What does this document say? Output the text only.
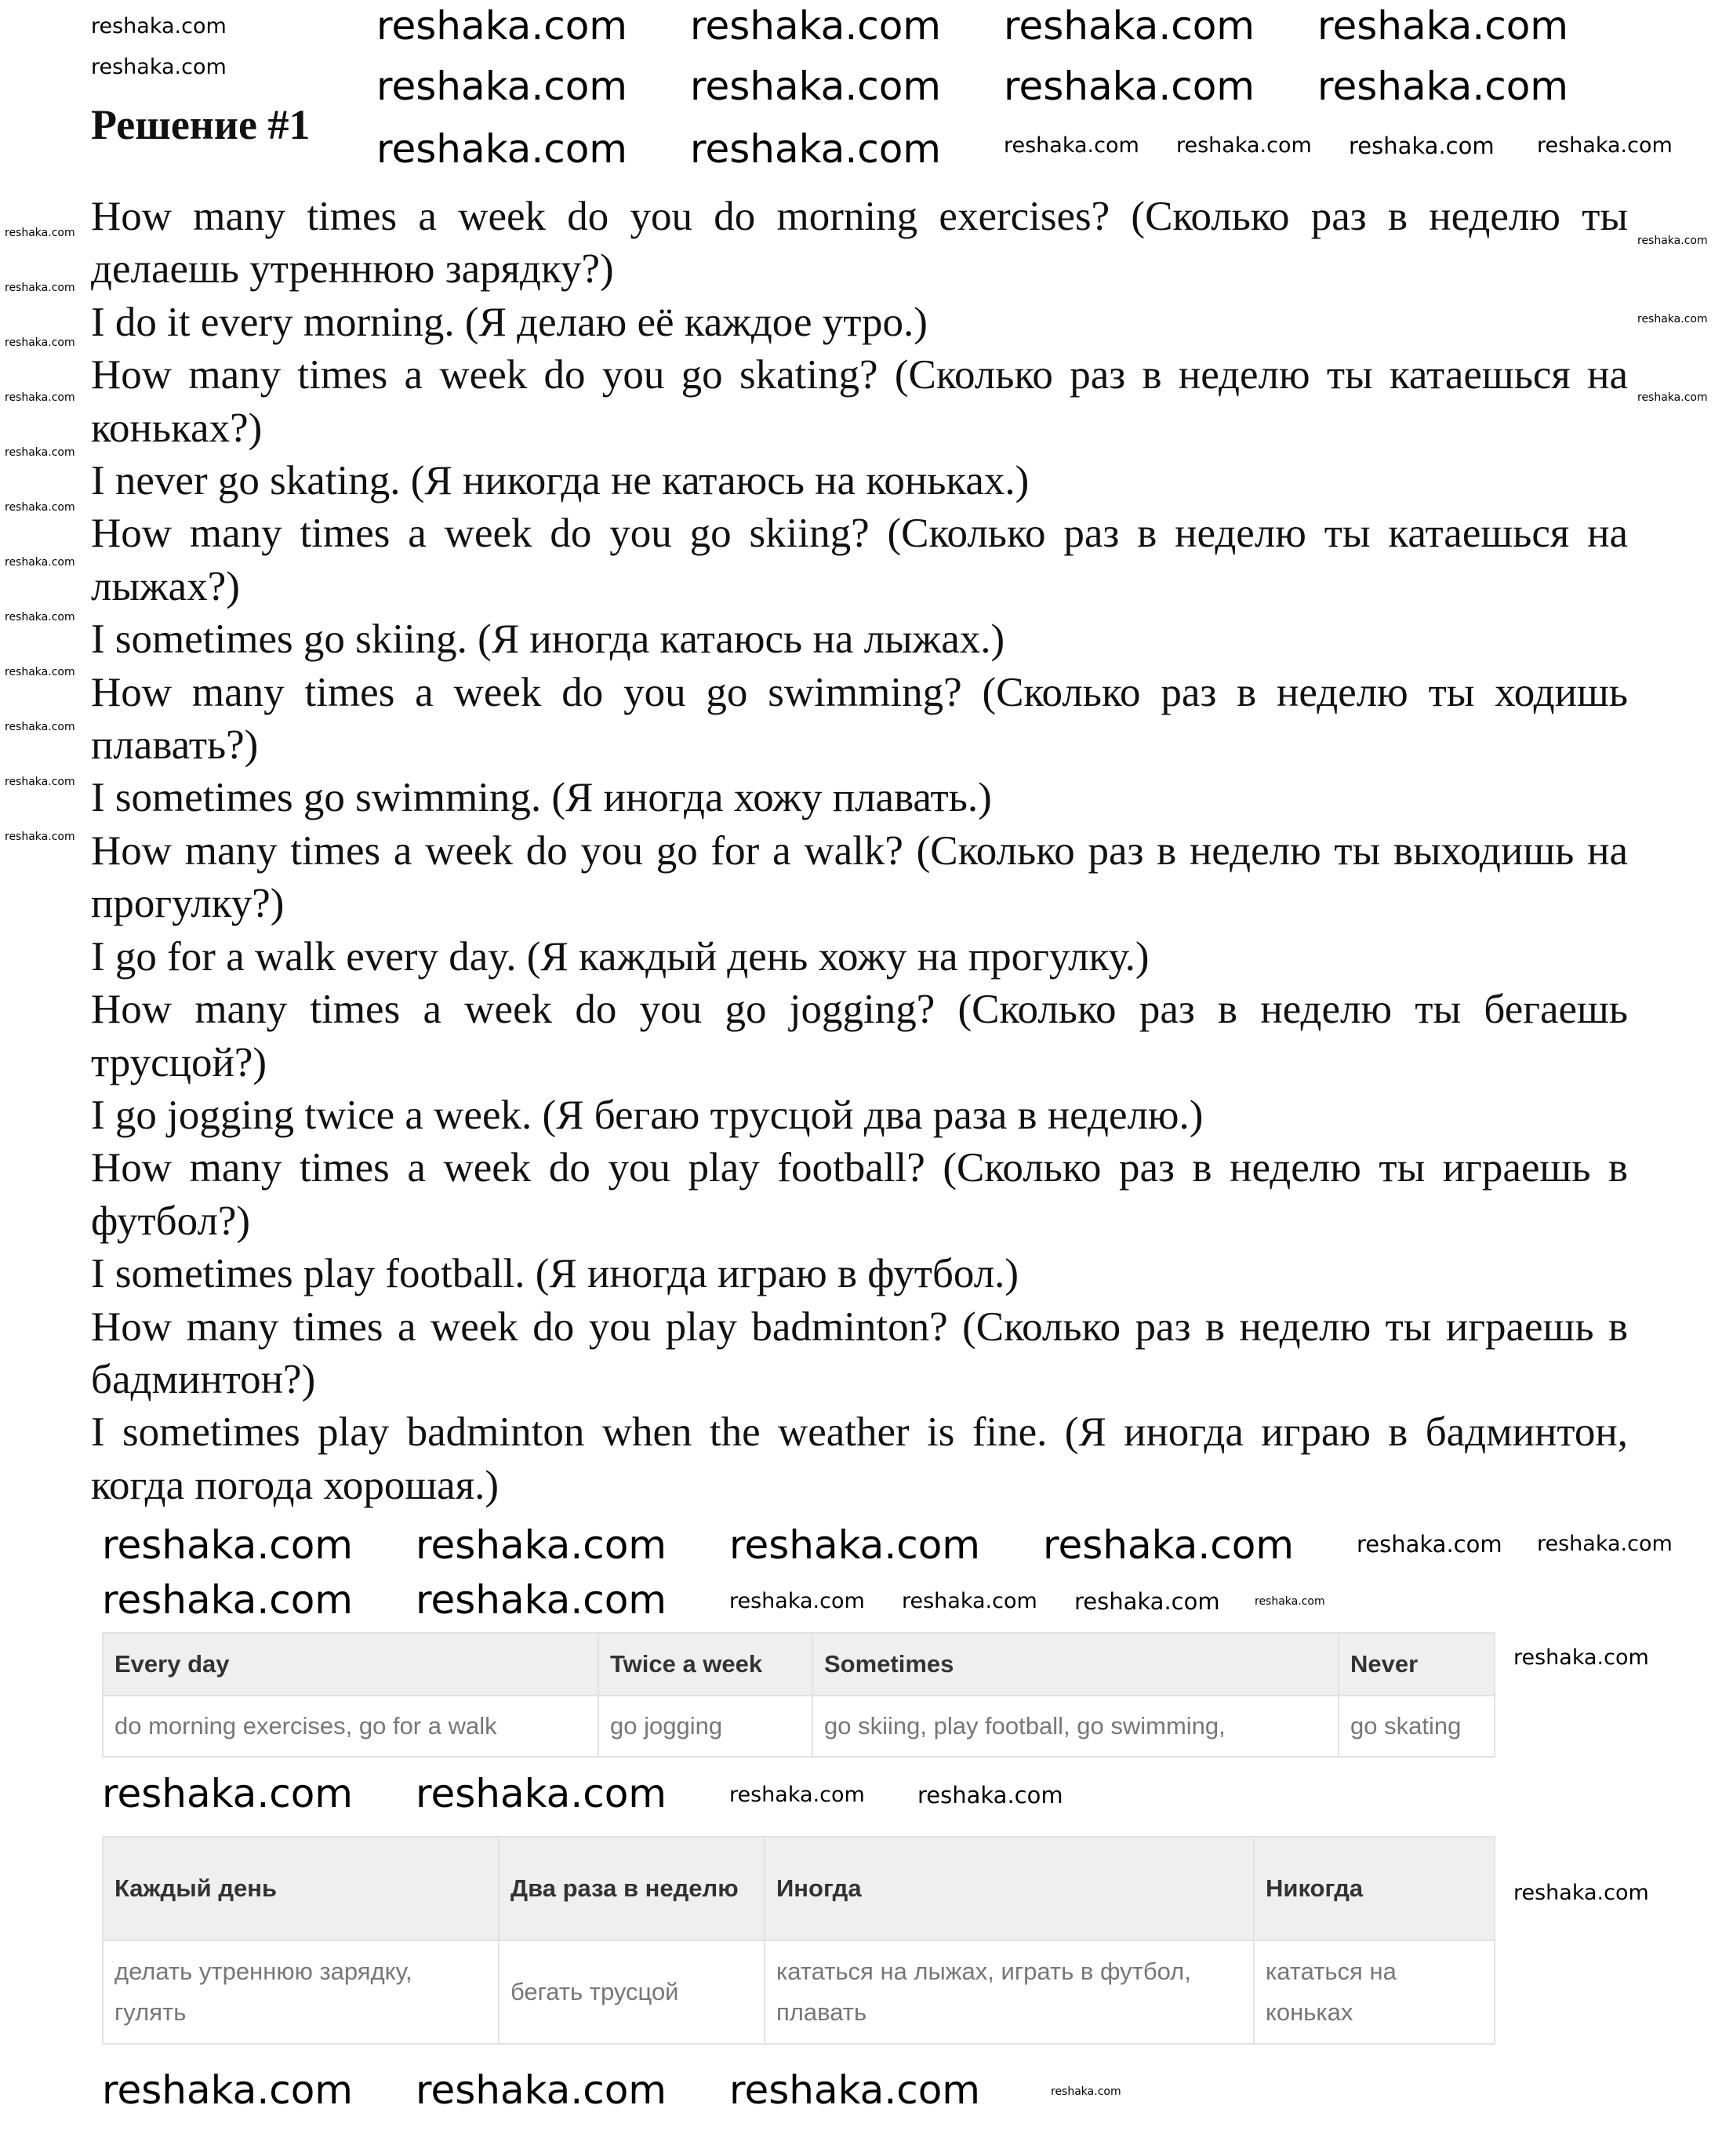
Решение #1

How many times a week do you do morning exercises? (Сколько раз в неделю ты делаешь утреннюю зарядку?)

I do it every morning. (Я делаю её каждое утро.)

How many times a week do you go skating? (Сколько раз в неделю ты катаешься на коньках?)

I never go skating. (Я никогда не катаюсь на коньках.)

How many times a week do you go skiing? (Сколько раз в неделю ты катаешься на лыжах?)

I sometimes go skiing. (Я иногда катаюсь на лыжах.)

How many times a week do you go swimming? (Сколько раз в неделю ты ходишь плавать?)

I sometimes go swimming. (Я иногда хожу плавать.)

How many times a week do you go for a walk? (Сколько раз в неделю ты выходишь на прогулку?)

I go for a walk every day. (Я каждый день хожу на прогулку.)

How many times a week do you go jogging? (Сколько раз в неделю ты бегаешь трусцой?)

I go jogging twice a week. (Я бегаю трусцой два раза в неделю.)

How many times a week do you play football? (Сколько раз в неделю ты играешь в футбол?)

I sometimes play football. (Я иногда играю в футбол.)

How many times a week do you play badminton? (Сколько раз в неделю ты играешь в бадминтон?)

I sometimes play badminton when the weather is fine. (Я иногда играю в бадминтон, когда погода хорошая.)

Every day	Twice a week	Sometimes	Never
do morning exercises, go for a walk	go jogging	go skiing, play football, go swimming,	go skating
Каждый день	Два раза в неделю	Иногда	Никогда
делать утреннюю зарядку, гулять	бегать трусцой	кататься на лыжах, играть в футбол, плавать	кататься на коньках
reshaka.com reshaka.com reshaka.com reshaka.com
reshaka.com reshaka.com reshaka.com reshaka.com
reshaka.com reshaka.com	reshaka.com reshaka.com reshaka.com reshaka.com
reshaka.com
reshaka.com
reshaka.com reshaka.com reshaka.com reshaka.com	reshaka.com reshaka.com
reshaka.com reshaka.com	reshaka.com reshaka.com reshaka.com	reshaka.com
reshaka.com
reshaka.com reshaka.com	reshaka.com reshaka.com
reshaka.com
reshaka.com reshaka.com reshaka.com	reshaka.com
reshaka.com
reshaka.com
reshaka.com
reshaka.com
reshaka.com
reshaka.com
reshaka.com
reshaka.com
reshaka.com
reshaka.com
reshaka.com
reshaka.com
reshaka.com
reshaka.com
reshaka.com
